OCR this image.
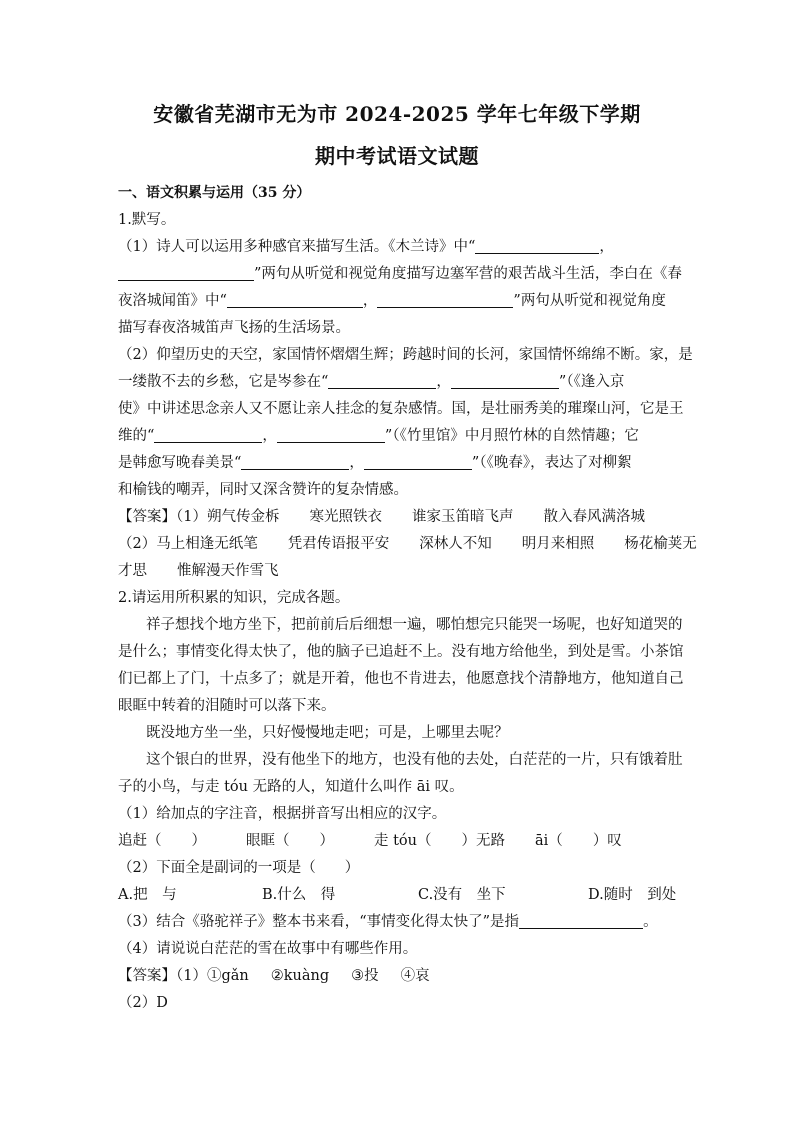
安徽省芜湖市无为市 2024-2025 学年七年级下学期
期中考试语文试题
一、语文积累与运用（35 分）
1.默写。
（1）诗人可以运用多种感官来描写生活。《木兰诗》中“	，
”两句从听觉和视觉角度描写边塞军营的艰苦战斗生活，李白在《春
夜洛城闻笛》中“	，	”两句从听觉和视觉角度
描写春夜洛城笛声飞扬的生活场景。
（2）仰望历史的天空，家国情怀熠熠生辉；跨越时间的长河，家国情怀绵绵不断。家，是
一缕散不去的乡愁，它是岑参在“	，	”（《逢入京
使》中讲述思念亲人又不愿让亲人挂念的复杂感情。国，是壮丽秀美的璀璨山河，它是王
维的“	，	”（《竹里馆》中月照竹林的自然情趣；它
是韩愈写晚春美景“	，	”（《晚春》，表达了对柳絮
和榆钱的嘲弄，同时又深含赞许的复杂情感。
【答案】（1）朔气传金柝 寒光照铁衣 谁家玉笛暗飞声 散入春风满洛城
（2）马上相逢无纸笔 凭君传语报平安 深林人不知 明月来相照 杨花榆荚无
才思 惟解漫天作雪飞
2.请运用所积累的知识，完成各题。
祥子想找个地方坐下，把前前后后细想一遍，哪怕想完只能哭一场呢，也好知道哭的
是什么；事情变化得太快了，他的脑子已追赶不上。没有地方给他坐，到处是雪。小茶馆
们已都上了门，十点多了；就是开着，他也不肯进去，他愿意找个清静地方，他知道自己
眼眶中转着的泪随时可以落下来。
既没地方坐一坐，只好慢慢地走吧；可是，上哪里去呢？
这个银白的世界，没有他坐下的地方，也没有他的去处，白茫茫的一片，只有饿着肚
子的小鸟，与走 tóu 无路的人，知道什么叫作 āi 叹。
（1）给加点的字注音，根据拼音写出相应的汉字。
追赶（ ）	眼眶（ ）	走 tóu（ ）无路 āi（ ）叹
（2）下面全是副词的一项是（　　）
A.把　与	B.什么　得	C.没有　坐下	D.随时　到处
（3）结合《骆驼祥子》整本书来看，“事情变化得太快了”是指	。
（4）请说说白茫茫的雪在故事中有哪些作用。
【答案】（1）①gǎn ②kuàng ③投 ④哀
（2）D
